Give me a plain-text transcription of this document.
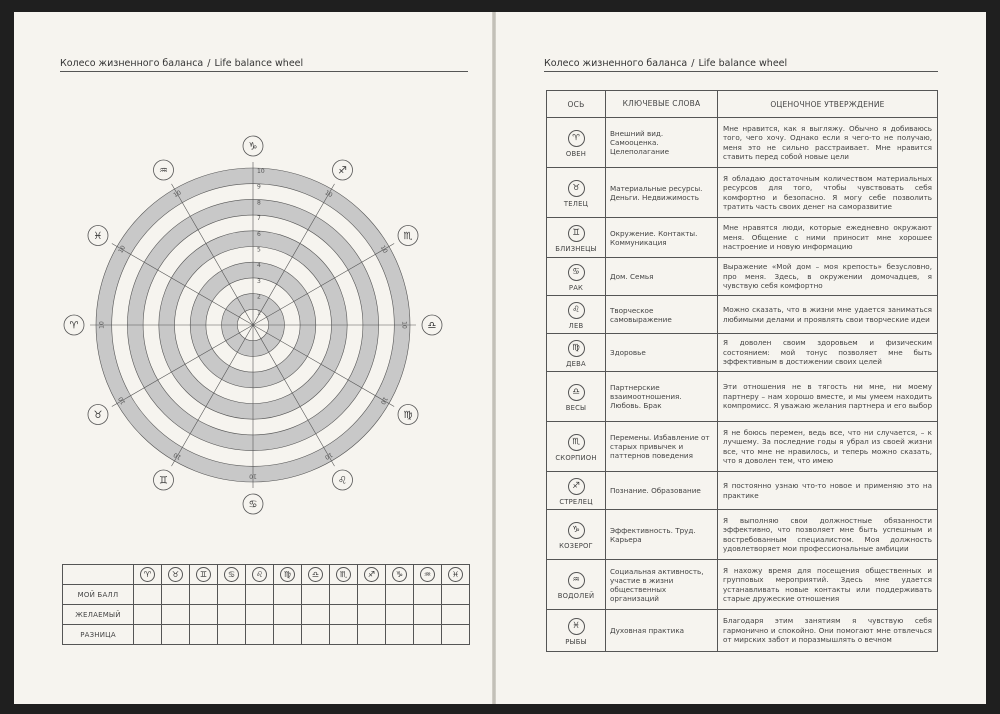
Колесо жизненного баланса / Life balance wheel
♑
10
♐
10
♏
10 ♎
10
♍
10
♌
10
♋
10
♊
10
♉
10
♈
10
♓
10
♒
1
2
3
4
5
6
7
8
9
10
	♈	♉	♊	♋	♌	♍	♎	♏	♐	♑	♒	♓
МОЙ БАЛЛ												
ЖЕЛАЕМЫЙ												
РАЗНИЦА												
Колесо жизненного баланса / Life balance wheel
ОСЬ	КЛЮЧЕВЫЕ СЛОВА	ОЦЕНОЧНОЕ УТВЕРЖДЕНИЕ

♈
ОВЕН	Внешний вид. Самооценка. Целеполагание	Мне нравится, как я выгляжу. Обычно я добиваюсь того, чего хочу. Однако если я чего-то не получаю, меня это не сильно расстраивает. Мне нравится ставить перед собой новые цели

♉
ТЕЛЕЦ	Материальные ресурсы. Деньги. Недвижимость	Я обладаю достаточным количеством материальных ресурсов для того, чтобы чувствовать себя комфортно и безопасно. Я могу себе позволить тратить часть своих денег на саморазвитие

♊
БЛИЗНЕЦЫ	Окружение. Контакты. Коммуникация	Мне нравятся люди, которые ежедневно окружают меня. Общение с ними приносит мне хорошее настроение и новую информацию

♋
РАК	Дом. Семья	Выражение «Мой дом – моя крепость» безусловно, про меня. Здесь, в окружении домочадцев, я чувствую себя комфортно

♌
ЛЕВ	Творческое самовыражение	Можно сказать, что в жизни мне удается заниматься любимыми делами и проявлять свои творческие идеи

♍
ДЕВА	Здоровье	Я доволен своим здоровьем и физическим состоянием: мой тонус позволяет мне быть эффективным в достижении своих целей

♎
ВЕСЫ	Партнерские взаимоотношения. Любовь. Брак	Эти отношения не в тягость ни мне, ни моему партнеру – нам хорошо вместе, и мы умеем находить компромисс. Я уважаю желания партнера и его выбор

♏
СКОРПИОН	Перемены. Избавление от старых привычек и паттернов поведения	Я не боюсь перемен, ведь все, что ни случается, – к лучшему. За последние годы я убрал из своей жизни все, что мне не нравилось, и теперь можно сказать, что я доволен тем, что имею

♐
СТРЕЛЕЦ	Познание. Образование	Я постоянно узнаю что-то новое и применяю это на практике

♑
КОЗЕРОГ	Эффективность. Труд. Карьера	Я выполняю свои должностные обязанности эффективно, что позволяет мне быть успешным и востребованным специалистом. Моя должность удовлетворяет мои профессиональные амбиции

♒
ВОДОЛЕЙ	Социальная активность, участие в жизни общественных организаций	Я нахожу время для посещения общественных и групповых мероприятий. Здесь мне удается устанавливать новые контакты или поддерживать старые дружеские отношения

♓
РЫБЫ	Духовная практика	Благодаря этим занятиям я чувствую себя гармонично и спокойно. Они помогают мне отвлечься от мирских забот и поразмышлять о вечном
